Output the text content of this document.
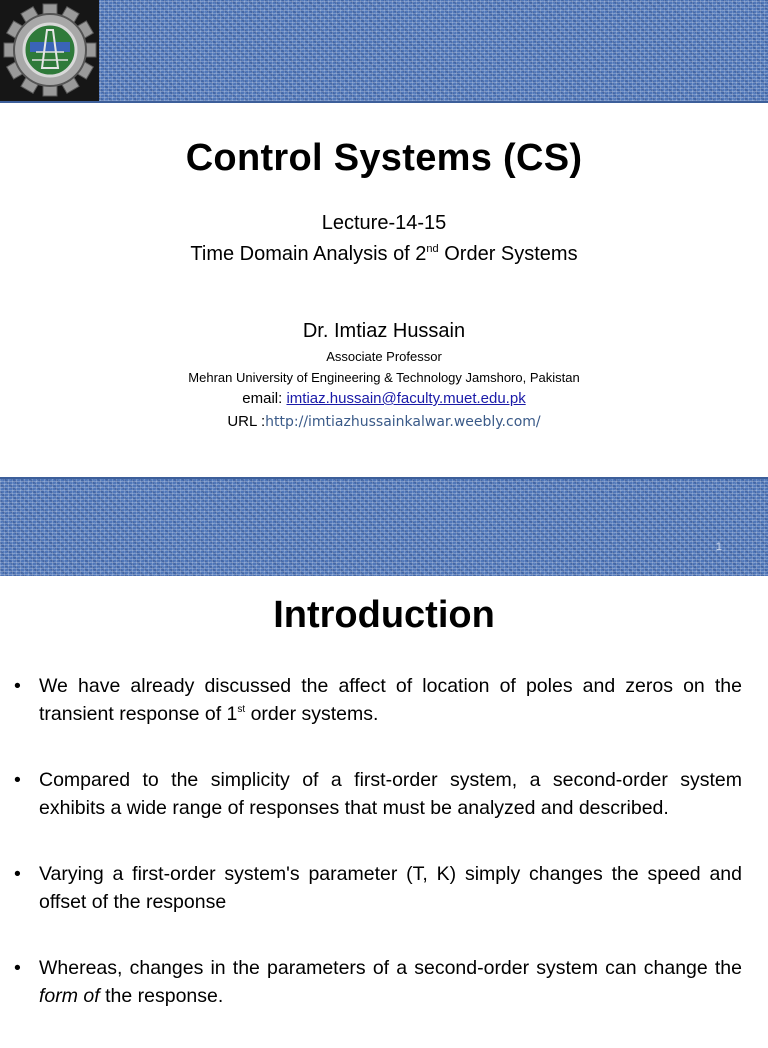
Control Systems (CS)
Lecture-14-15
Time Domain Analysis of 2nd Order Systems
Dr. Imtiaz Hussain
Associate Professor
Mehran University of Engineering & Technology Jamshoro, Pakistan
email: imtiaz.hussain@faculty.muet.edu.pk
URL :http://imtiazhussainkalwar.weebly.com/
1
Introduction
• We have already discussed the affect of location of poles and zeros on the transient response of 1st order systems.
• Compared to the simplicity of a first-order system, a second-order system exhibits a wide range of responses that must be analyzed and described.
• Varying a first-order system's parameter (T, K) simply changes the speed and offset of the response
• Whereas, changes in the parameters of a second-order system can change the form of the response.
